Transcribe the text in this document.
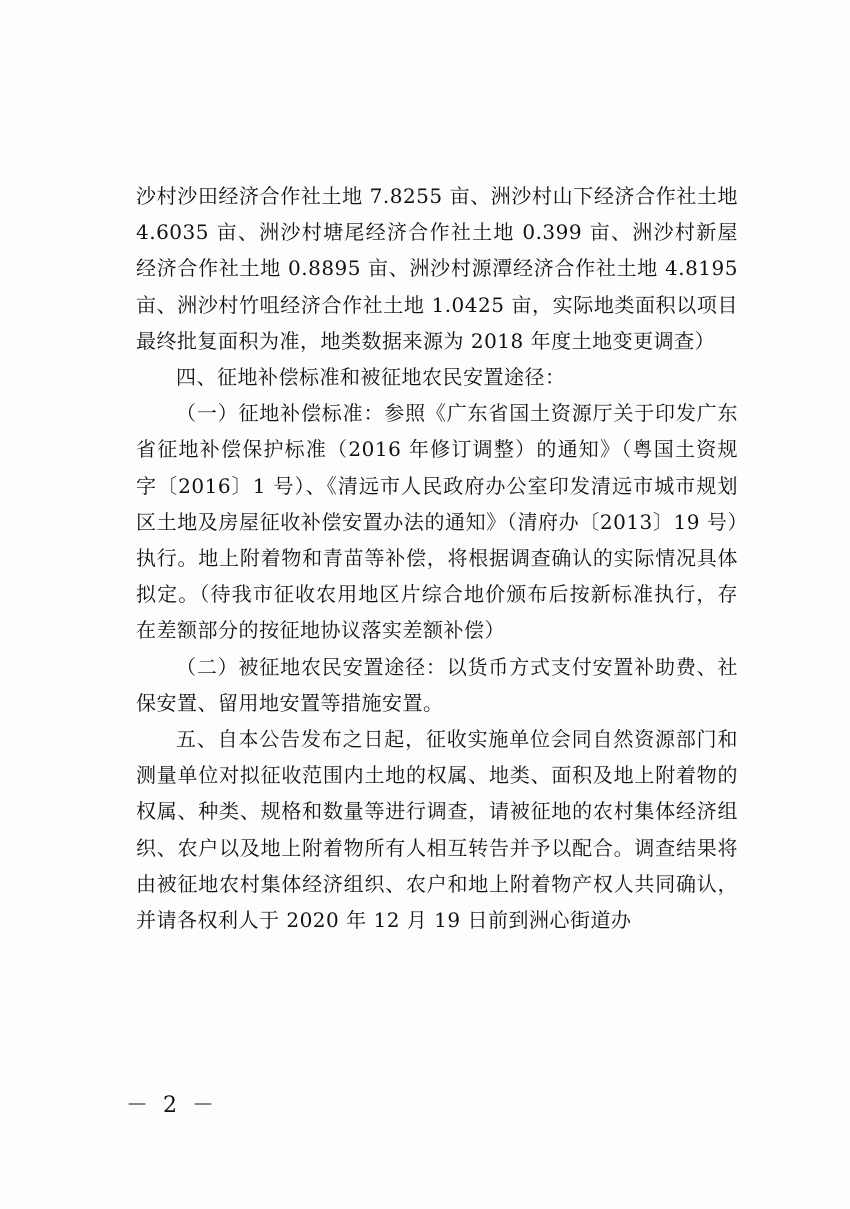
沙村沙田经济合作社土地 7.8255 亩、洲沙村山下经济合作社土地 4.6035 亩、洲沙村塘尾经济合作社土地 0.399 亩、洲沙村新屋经济合作社土地 0.8895 亩、洲沙村源潭经济合作社土地 4.8195 亩、洲沙村竹咀经济合作社土地 1.0425 亩，实际地类面积以项目最终批复面积为准，地类数据来源为 2018 年度土地变更调查）

四、征地补偿标准和被征地农民安置途径：

（一）征地补偿标准：参照《广东省国土资源厅关于印发广东省征地补偿保护标准（2016 年修订调整）的通知》（粤国土资规字〔2016〕1 号）、《清远市人民政府办公室印发清远市城市规划区土地及房屋征收补偿安置办法的通知》（清府办〔2013〕19 号）执行。地上附着物和青苗等补偿，将根据调查确认的实际情况具体拟定。（待我市征收农用地区片综合地价颁布后按新标准执行，存在差额部分的按征地协议落实差额补偿）

（二）被征地农民安置途径：以货币方式支付安置补助费、社保安置、留用地安置等措施安置。

五、自本公告发布之日起，征收实施单位会同自然资源部门和测量单位对拟征收范围内土地的权属、地类、面积及地上附着物的权属、种类、规格和数量等进行调查，请被征地的农村集体经济组织、农户以及地上附着物所有人相互转告并予以配合。调查结果将由被征地农村集体经济组织、农户和地上附着物产权人共同确认，并请各权利人于 2020 年 12 月 19 日前到洲心街道办

－ 2 －
